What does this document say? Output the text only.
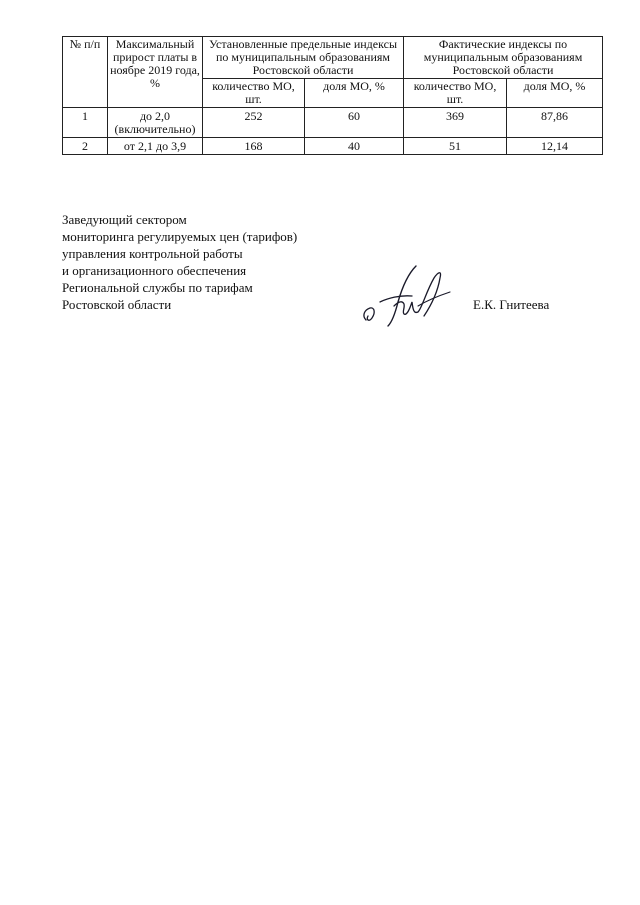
№ п/п	Максимальный прирост платы в ноябре 2019 года, %	Установленные предельные индексы по муниципальным образованиям Ростовской области		Фактические индексы по муниципальным образованиям Ростовской области	
		количество МО, шт.	доля МО, %	количество МО, шт.	доля МО, %
1	до 2,0 (включительно)	252	60	369	87,86
2	от 2,1 до 3,9	168	40	51	12,14
Заведующий сектором
мониторинга регулируемых цен (тарифов)
управления контрольной работы
и организационного обеспечения
Региональной службы по тарифам
Ростовской области	Е.К. Гнитеева
